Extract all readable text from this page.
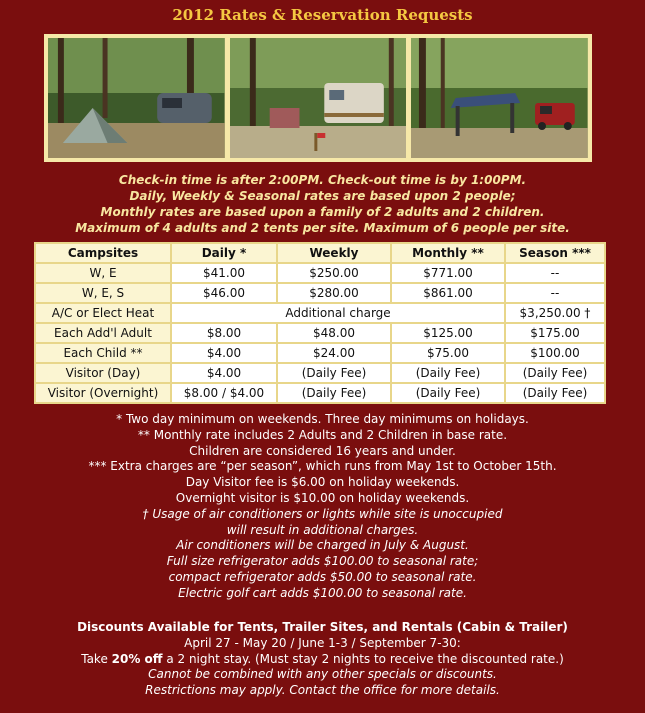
2012 Rates & Reservation Requests
Check-in time is after 2:00PM. Check-out time is by 1:00PM.
Daily, Weekly & Seasonal rates are based upon 2 people;
Monthly rates are based upon a family of 2 adults and 2 children.
Maximum of 4 adults and 2 tents per site. Maximum of 6 people per site.
Campsites	Daily *	Weekly	Monthly **	Season ***
W, E	$41.00	$250.00	$771.00	--
W, E, S	$46.00	$280.00	$861.00	--
A/C or Elect Heat	Additional charge			$3,250.00 †
Each Add'l Adult	$8.00	$48.00	$125.00	$175.00
Each Child **	$4.00	$24.00	$75.00	$100.00
Visitor (Day)	$4.00	(Daily Fee)	(Daily Fee)	(Daily Fee)
Visitor (Overnight)	$8.00 / $4.00	(Daily Fee)	(Daily Fee)	(Daily Fee)
* Two day minimum on weekends. Three day minimums on holidays.
** Monthly rate includes 2 Adults and 2 Children in base rate.
Children are considered 16 years and under.
*** Extra charges are “per season”, which runs from May 1st to October 15th.
Day Visitor fee is $6.00 on holiday weekends.
Overnight visitor is $10.00 on holiday weekends.
† Usage of air conditioners or lights while site is unoccupied
will result in additional charges.
Air conditioners will be charged in July & August.
Full size refrigerator adds $100.00 to seasonal rate;
compact refrigerator adds $50.00 to seasonal rate.
Electric golf cart adds $100.00 to seasonal rate.
Discounts Available for Tents, Trailer Sites, and Rentals (Cabin & Trailer)
April 27 - May 20 / June 1-3 / September 7-30:
Take 20% off a 2 night stay. (Must stay 2 nights to receive the discounted rate.)
Cannot be combined with any other specials or discounts.
Restrictions may apply. Contact the office for more details.
